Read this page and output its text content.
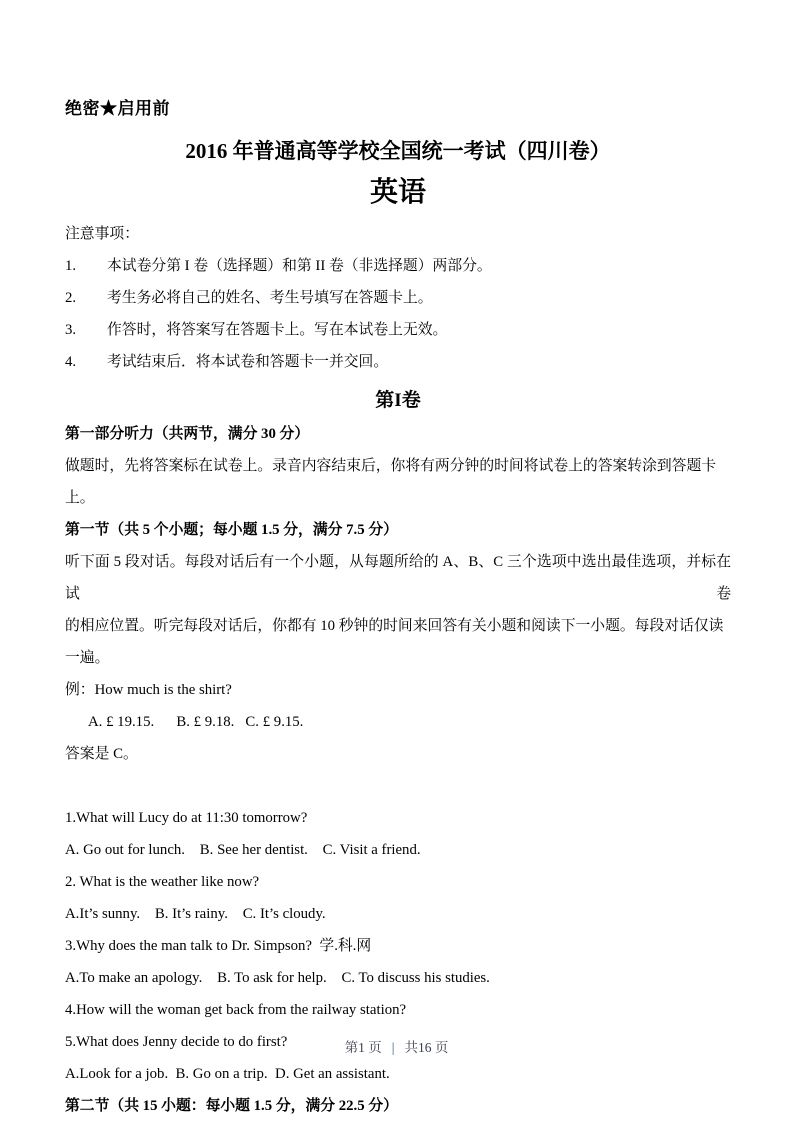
绝密★启用前
2016 年普通高等学校全国统一考试（四川卷）
英语
注意事项：
1.	本试卷分第 I 卷（选择题）和第 II 卷（非选择题）两部分。
2.	考生务必将自己的姓名、考生号填写在答题卡上。
3.	作答时，将答案写在答题卡上。写在本试卷上无效。
4.	考试结束后．将本试卷和答题卡一并交回。
第I卷
第一部分听力（共两节，满分 30 分）
做题时，先将答案标在试卷上。录音内容结束后，你将有两分钟的时间将试卷上的答案转涂到答题卡上。
第一节（共 5 个小题；每小题 1.5 分，满分 7.5 分）
听下面 5 段对话。每段对话后有一个小题，从每题所给的 A、B、C 三个选项中选出最佳选项，并标在试卷
的相应位置。听完每段对话后，你都有 10 秒钟的时间来回答有关小题和阅读下一小题。每段对话仅读一遍。
例：How much is the shirt?
A. £ 19.15.      B. £ 9.18.   C. £ 9.15.
答案是 C。
1.What will Lucy do at 11:30 tomorrow?
A. Go out for lunch.    B. See her dentist.    C. Visit a friend.
2. What is the weather like now?
A.It’s sunny.    B. It’s rainy.    C. It’s cloudy.
3.Why does the man talk to Dr. Simpson?  学.科.网
A.To make an apology.    B. To ask for help.    C. To discuss his studies.
4.How will the woman get back from the railway station?
5.What does Jenny decide to do first?
A.Look for a job.  B. Go on a trip.  D. Get an assistant.
第二节（共 15 小题：每小题 1.5 分，满分 22.5 分）
第1 页 | 共16 页
